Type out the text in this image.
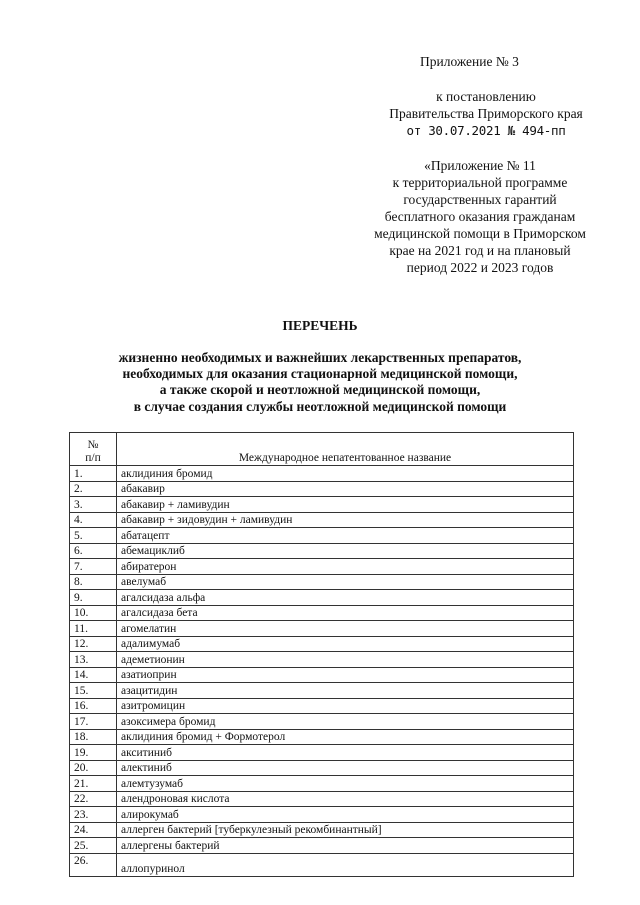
Приложение № 3
к постановлению
Правительства Приморского края
от 30.07.2021 № 494-пп
«Приложение № 11
к территориальной программе
государственных гарантий
бесплатного оказания гражданам
медицинской помощи в Приморском
крае на 2021 год и на плановый
период 2022 и 2023 годов
ПЕРЕЧЕНЬ
жизненно необходимых и важнейших лекарственных препаратов,
необходимых для оказания стационарной медицинской помощи,
а также скорой и неотложной медицинской помощи,
в случае создания службы неотложной медицинской помощи
№
п/п	Международное непатентованное название
1.	аклидиния бромид
2.	абакавир
3.	абакавир + ламивудин
4.	абакавир + зидовудин + ламивудин
5.	абатацепт
6.	абемациклиб
7.	абиратерон
8.	авелумаб
9.	агалсидаза альфа
10.	агалсидаза бета
11.	агомелатин
12.	адалимумаб
13.	адеметионин
14.	азатиоприн
15.	азацитидин
16.	азитромицин
17.	азоксимера бромид
18.	аклидиния бромид + Формотерол
19.	акситиниб
20.	алектиниб
21.	алемтузумаб
22.	алендроновая кислота
23.	алирокумаб
24.	аллерген бактерий [туберкулезный рекомбинантный]
25.	аллергены бактерий
26.	аллопуринол
